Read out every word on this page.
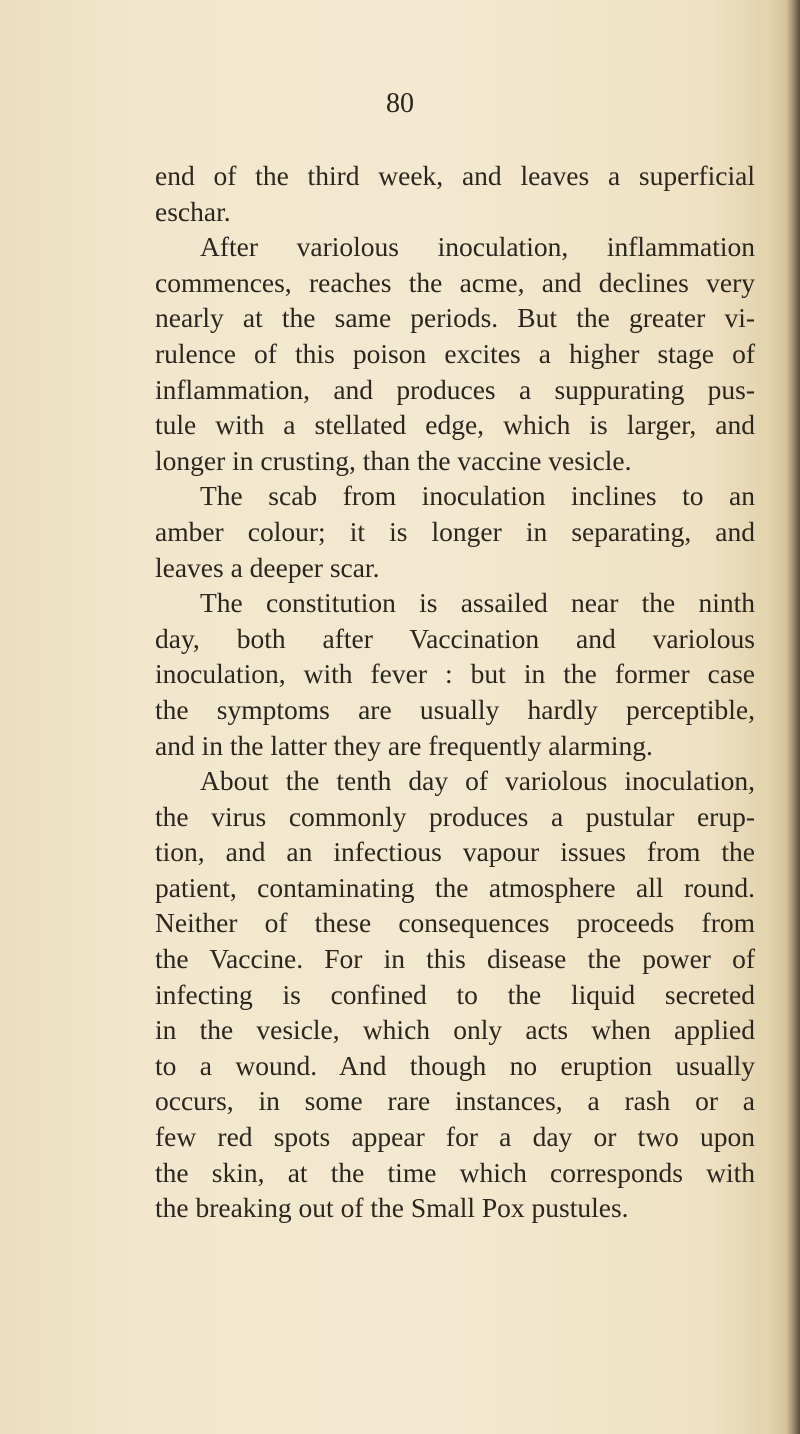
80
end of the third week, and leaves a superficial
eschar.
After variolous inoculation, inflammation
commences, reaches the acme, and declines very
nearly at the same periods. But the greater vi-
rulence of this poison excites a higher stage of
inflammation, and produces a suppurating pus-
tule with a stellated edge, which is larger, and
longer in crusting, than the vaccine vesicle.
The scab from inoculation inclines to an
amber colour; it is longer in separating, and
leaves a deeper scar.
The constitution is assailed near the ninth
day, both after Vaccination and variolous
inoculation, with fever : but in the former case
the symptoms are usually hardly perceptible,
and in the latter they are frequently alarming.
About the tenth day of variolous inoculation,
the virus commonly produces a pustular erup-
tion, and an infectious vapour issues from the
patient, contaminating the atmosphere all round.
Neither of these consequences proceeds from
the Vaccine. For in this disease the power of
infecting is confined to the liquid secreted
in the vesicle, which only acts when applied
to a wound. And though no eruption usually
occurs, in some rare instances, a rash or a
few red spots appear for a day or two upon
the skin, at the time which corresponds with
the breaking out of the Small Pox pustules.
